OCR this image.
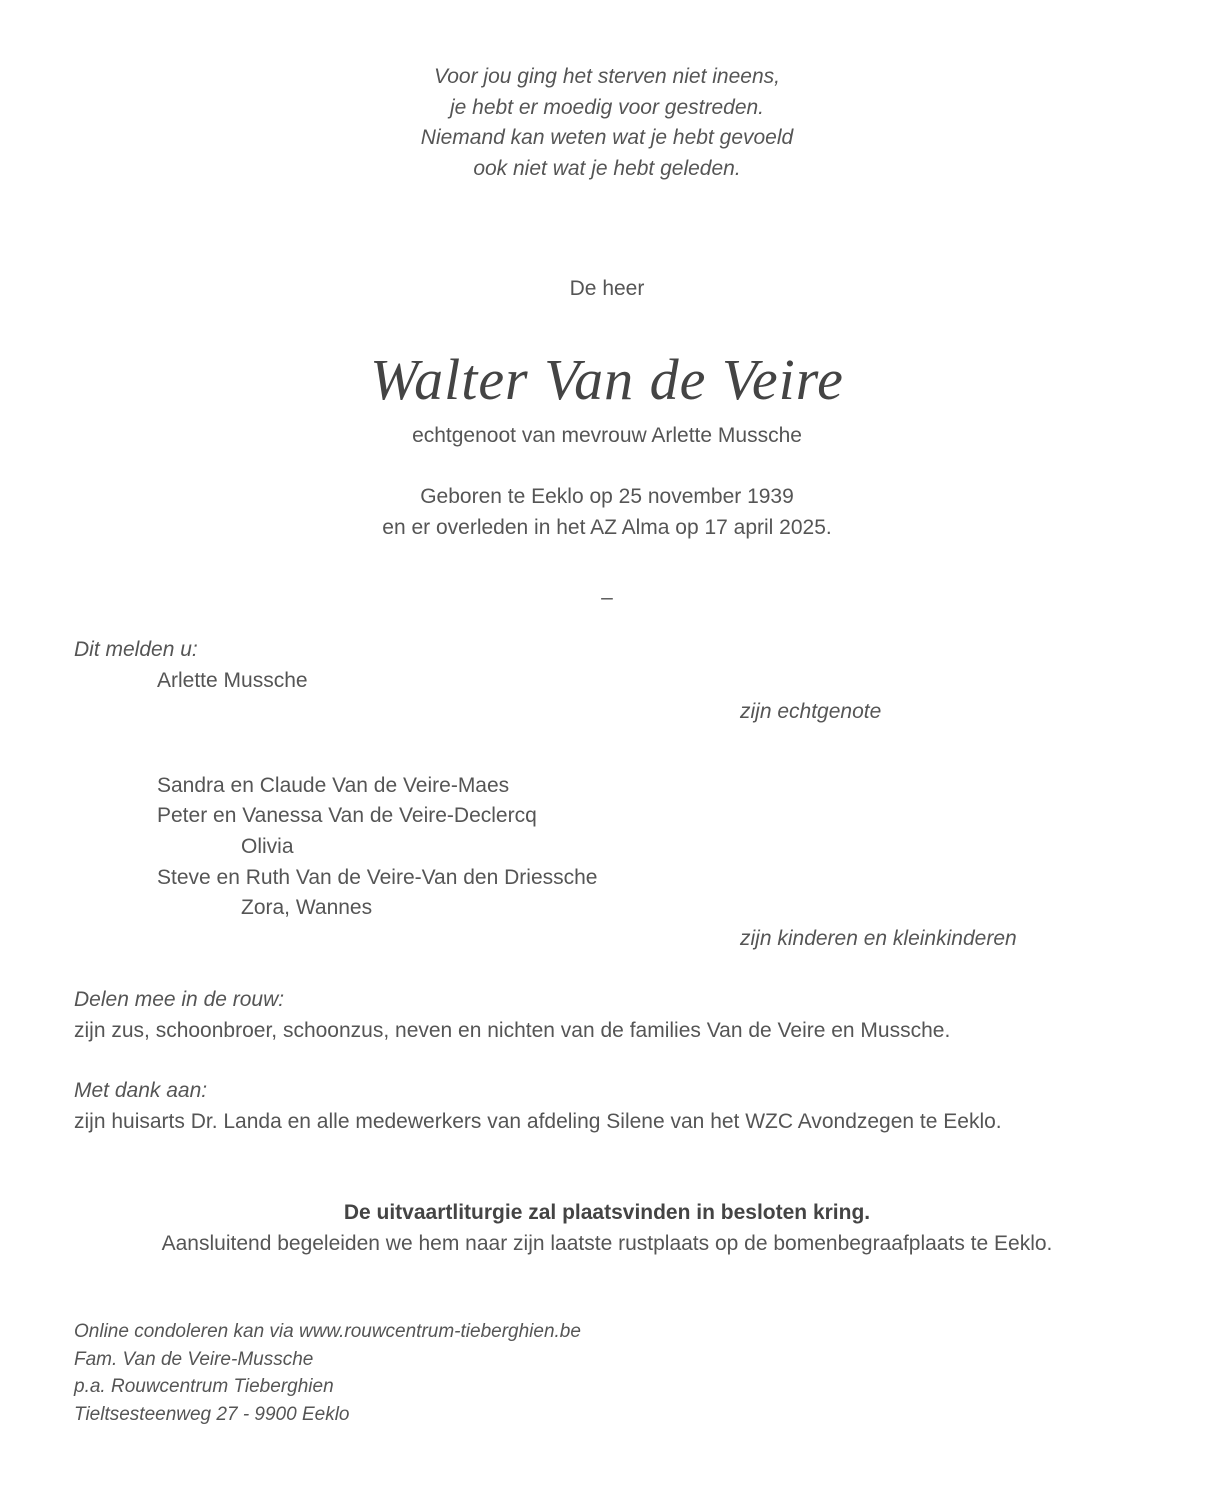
Voor jou ging het sterven niet ineens,
je hebt er moedig voor gestreden.
Niemand kan weten wat je hebt gevoeld
ook niet wat je hebt geleden.
De heer
Walter Van de Veire
echtgenoot van mevrouw Arlette Mussche
Geboren te Eeklo op 25 november 1939
en er overleden in het AZ Alma op 17 april 2025.
–
Dit melden u:
Arlette Mussche
zijn echtgenote
Sandra en Claude Van de Veire-Maes
Peter en Vanessa Van de Veire-Declercq
Olivia
Steve en Ruth Van de Veire-Van den Driessche
Zora, Wannes
zijn kinderen en kleinkinderen
Delen mee in de rouw:
zijn zus, schoonbroer, schoonzus, neven en nichten van de families Van de Veire en Mussche.
Met dank aan:
zijn huisarts Dr. Landa en alle medewerkers van afdeling Silene van het WZC Avondzegen te Eeklo.
De uitvaartliturgie zal plaatsvinden in besloten kring.
Aansluitend begeleiden we hem naar zijn laatste rustplaats op de bomenbegraafplaats te Eeklo.
Online condoleren kan via www.rouwcentrum-tieberghien.be
Fam. Van de Veire-Mussche
p.a. Rouwcentrum Tieberghien
Tieltsesteenweg 27 - 9900 Eeklo
